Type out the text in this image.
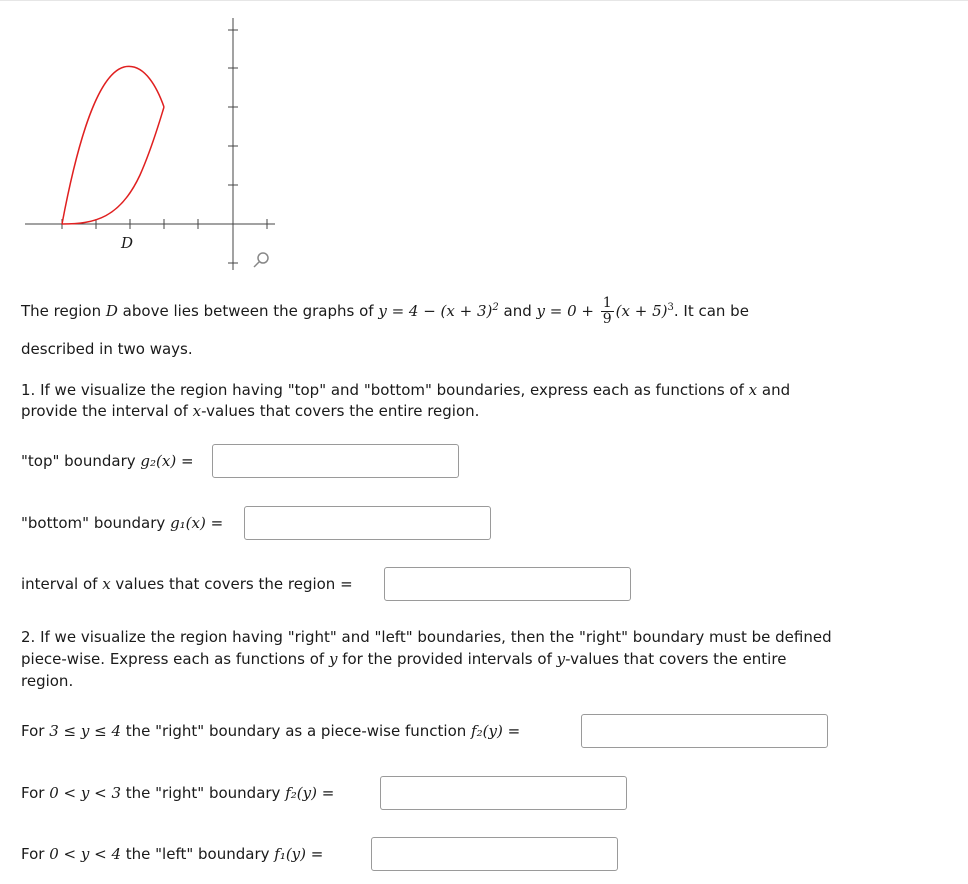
D
The region D above lies between the graphs of $y = 4 - (x + 3)^2$ and $y = 0 + \frac{1}{9} (x + 5)^3$. It can be
described in two ways.
1. If we visualize the region having "top" and "bottom" boundaries, express each as functions of x and
provide the interval of x-values that covers the entire region.
"top" boundary g₂(x) =
"bottom" boundary g₁(x) =
interval of x values that covers the region =
2. If we visualize the region having "right" and "left" boundaries, then the "right" boundary must be defined
piece-wise. Express each as functions of y for the provided intervals of y-values that covers the entire
region.
For 3 ≤ y ≤ 4 the "right" boundary as a piece-wise function f₂(y) =
For 0 < y < 3 the "right" boundary f₂(y) =
For 0 < y < 4 the "left" boundary f₁(y) =
